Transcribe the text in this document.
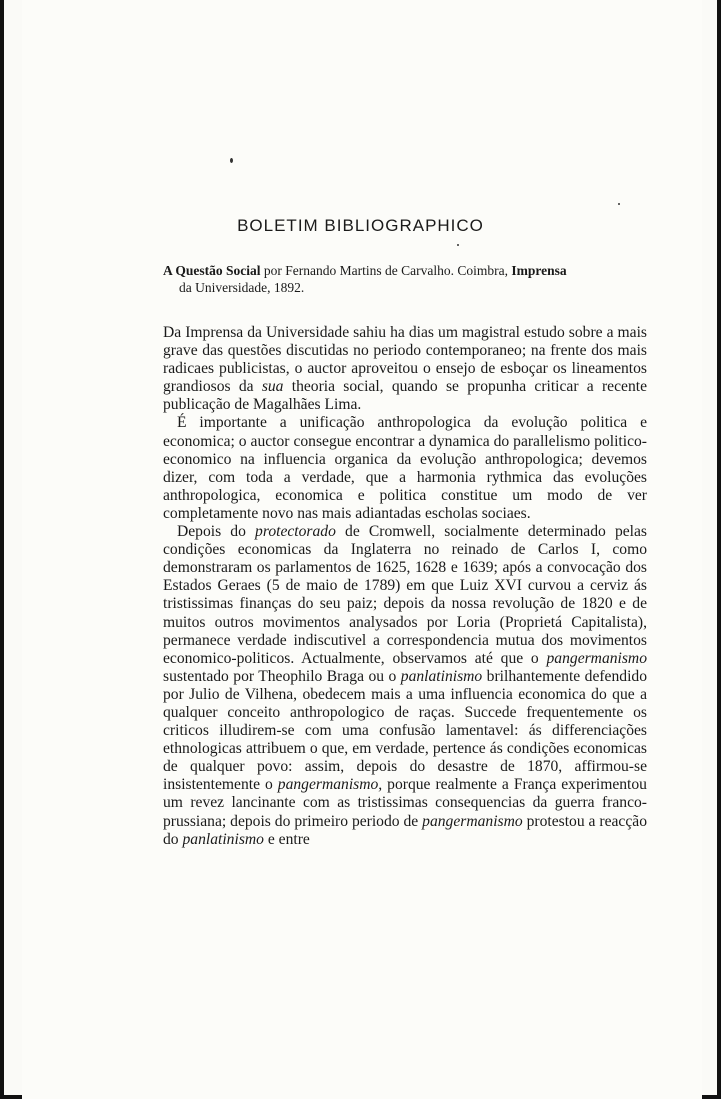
BOLETIM BIBLIOGRAPHICO
A Questão Social por Fernando Martins de Carvalho. Coimbra, Imprensa
da Universidade, 1892.

Da Imprensa da Universidade sahiu ha dias um magistral estudo sobre a mais grave das questões discutidas no periodo contemporaneo; na frente dos mais radicaes publicistas, o auctor aproveitou o ensejo de esboçar os lineamentos grandiosos da sua theoria social, quando se propunha criticar a recente publicação de Magalhães Lima.

É importante a unificação anthropologica da evolução politica e economica; o auctor consegue encontrar a dynamica do parallelismo politico-economico na influencia organica da evolução anthropologica; devemos dizer, com toda a verdade, que a harmonia rythmica das evoluções anthropologica, economica e politica constitue um modo de ver completamente novo nas mais adiantadas escholas sociaes.

Depois do protectorado de Cromwell, socialmente determinado pelas condições economicas da Inglaterra no reinado de Carlos I, como demonstraram os parlamentos de 1625, 1628 e 1639; após a convocação dos Estados Geraes (5 de maio de 1789) em que Luiz XVI curvou a cerviz ás tristissimas finanças do seu paiz; depois da nossa revolução de 1820 e de muitos outros movimentos analysados por Loria (Proprietá Capitalista), permanece verdade indiscutivel a correspondencia mutua dos movimentos economico-politicos. Actualmente, observamos até que o pangermanismo sustentado por Theophilo Braga ou o panlatinismo brilhantemente defendido por Julio de Vilhena, obedecem mais a uma influencia economica do que a qualquer conceito anthropologico de raças. Succede frequentemente os criticos illudirem-se com uma confusão lamentavel: ás differenciações ethnologicas attribuem o que, em verdade, pertence ás condições economicas de qualquer povo: assim, depois do desastre de 1870, affirmou-se insistentemente o pangermanismo, porque realmente a França experimentou um revez lancinante com as tristissimas consequencias da guerra franco-prussiana; depois do primeiro periodo de pangermanismo protestou a reacção do panlatinismo e entre
